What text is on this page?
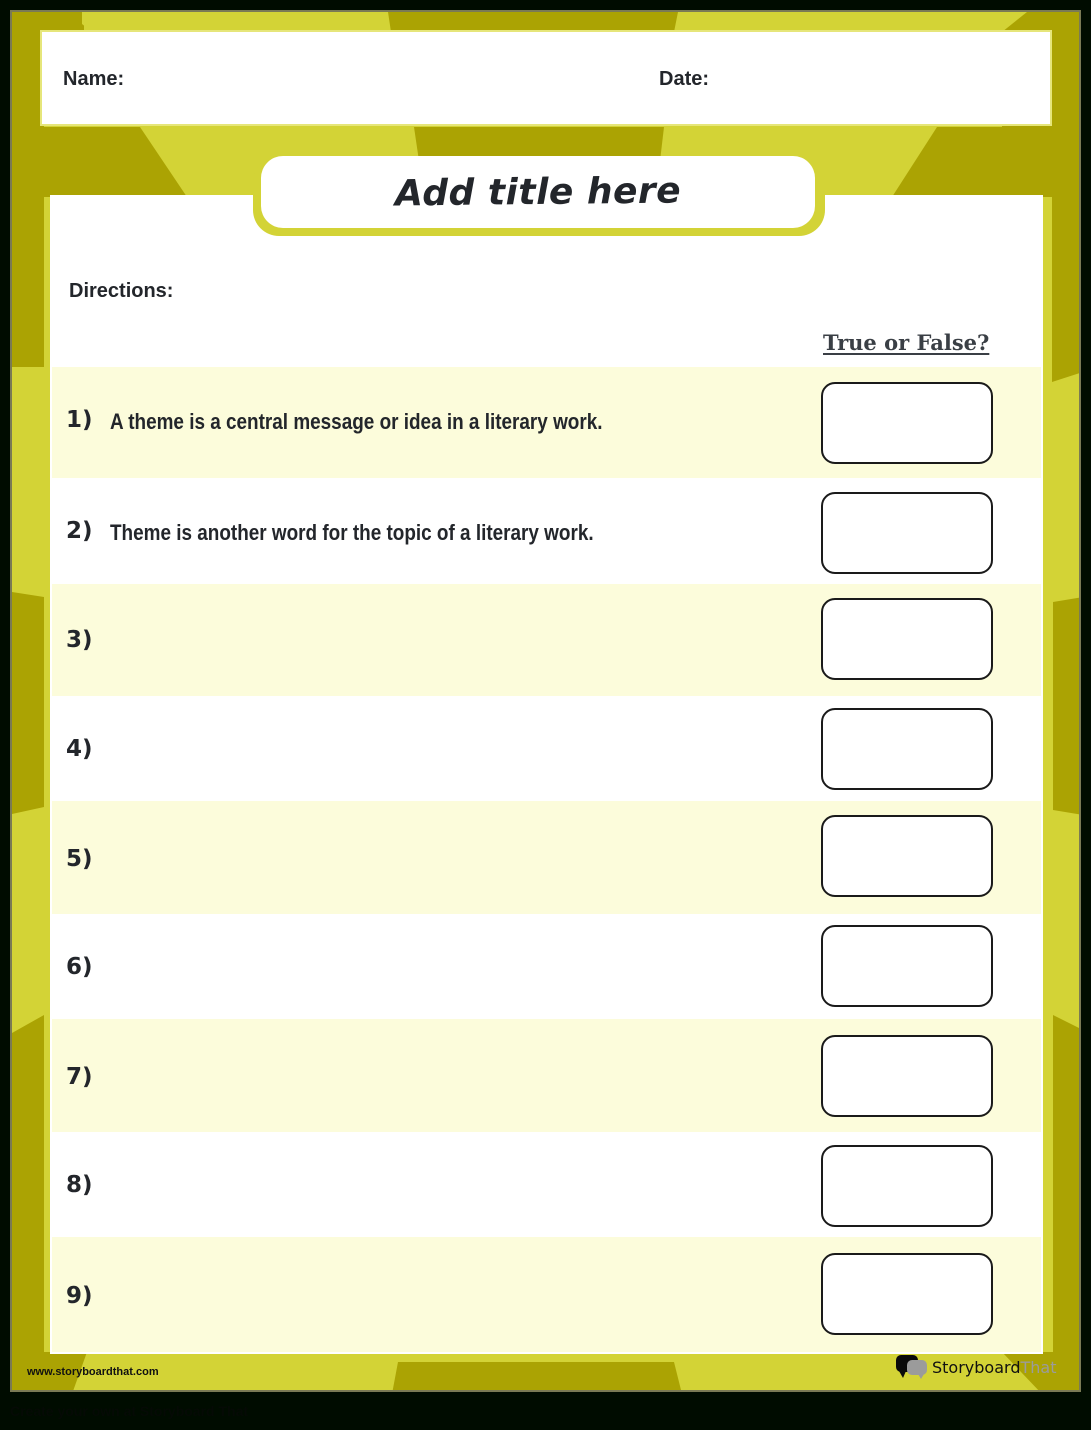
Name:	Date:
Add title here
Directions:
True or False?
1) A theme is a central message or idea in a literary work.
2) Theme is another word for the topic of a literary work.
3)
4)
5)
6)
7)
8)
9)
www.storyboardthat.com	Storyboard That
Create your own at Storyboard That
